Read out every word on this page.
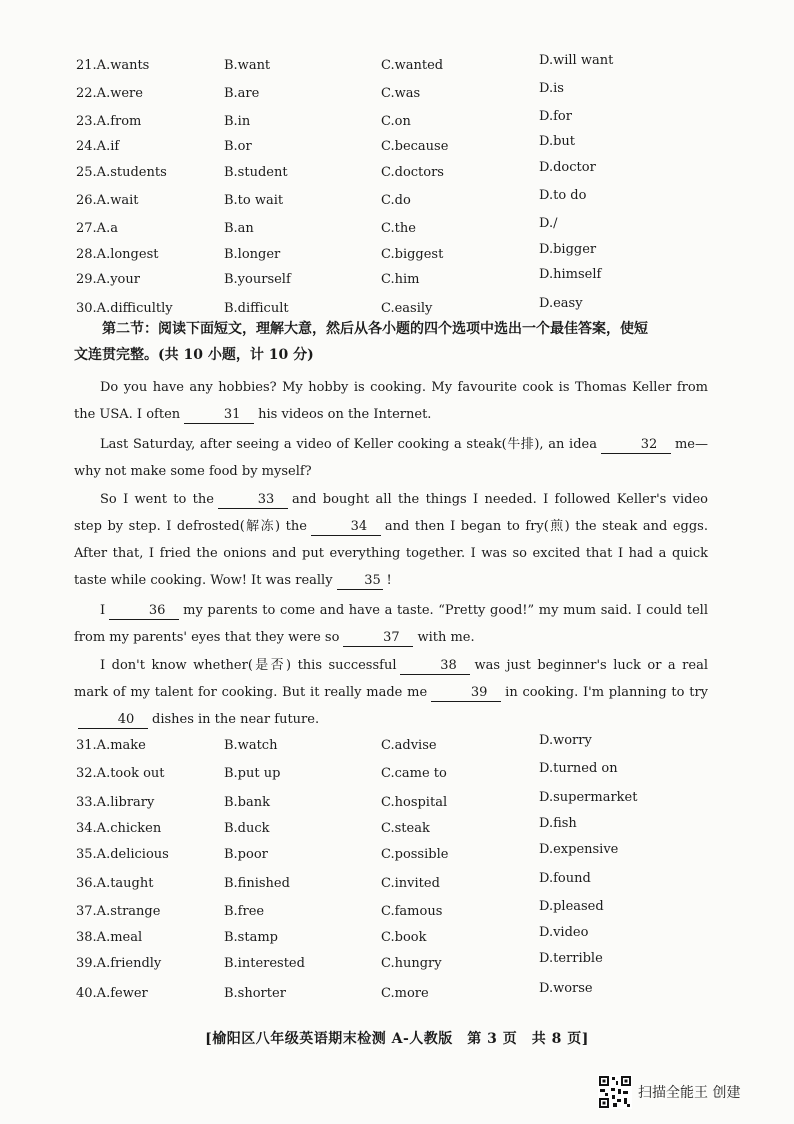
21.A.wants	B.want	C.wanted	D.will want
22.A.were	B.are	C.was	D.is
23.A.from	B.in	C.on	D.for
24.A.if	B.or	C.because	D.but
25.A.students	B.student	C.doctors	D.doctor
26.A.wait	B.to wait	C.do	D.to do
27.A.a	B.an	C.the	D./
28.A.longest	B.longer	C.biggest	D.bigger
29.A.your	B.yourself	C.him	D.himself
30.A.difficultly	B.difficult	C.easily	D.easy
第二节：阅读下面短文，理解大意，然后从各小题的四个选项中选出一个最佳答案，使短
文连贯完整。(共 10 小题，计 10 分)
Do you have any hobbies? My hobby is cooking. My favourite cook is Thomas Keller from the USA. I often	31 his videos on the Internet.
Last Saturday, after seeing a video of Keller cooking a steak(牛排), an idea	32 me—why not make some food by myself?
So I went to the	33 and bought all the things I needed. I followed Keller's video step by step. I defrosted(解冻) the	34 and then I began to fry(煎) the steak and eggs. After that, I fried the onions and put everything together. I was so excited that I had a quick taste while cooking. Wow! It was really 35 !
I	36 my parents to come and have a taste. “Pretty good!” my mum said. I could tell from my parents' eyes that they were so	37 with me.
I don't know whether(是否) this successful	38 was just beginner's luck or a real mark of my talent for cooking. But it really made me	39 in cooking. I'm planning to try40 dishes in the near future.
31.A.make	B.watch	C.advise	D.worry
32.A.took out	B.put up	C.came to	D.turned on
33.A.library	B.bank	C.hospital	D.supermarket
34.A.chicken	B.duck	C.steak	D.fish
35.A.delicious	B.poor	C.possible	D.expensive
36.A.taught	B.finished	C.invited	D.found
37.A.strange	B.free	C.famous	D.pleased
38.A.meal	B.stamp	C.book	D.video
39.A.friendly	B.interested	C.hungry	D.terrible
40.A.fewer	B.shorter	C.more	D.worse
[榆阳区八年级英语期末检测 A-人教版　第 3 页　共 8 页]
扫描全能王 创建
